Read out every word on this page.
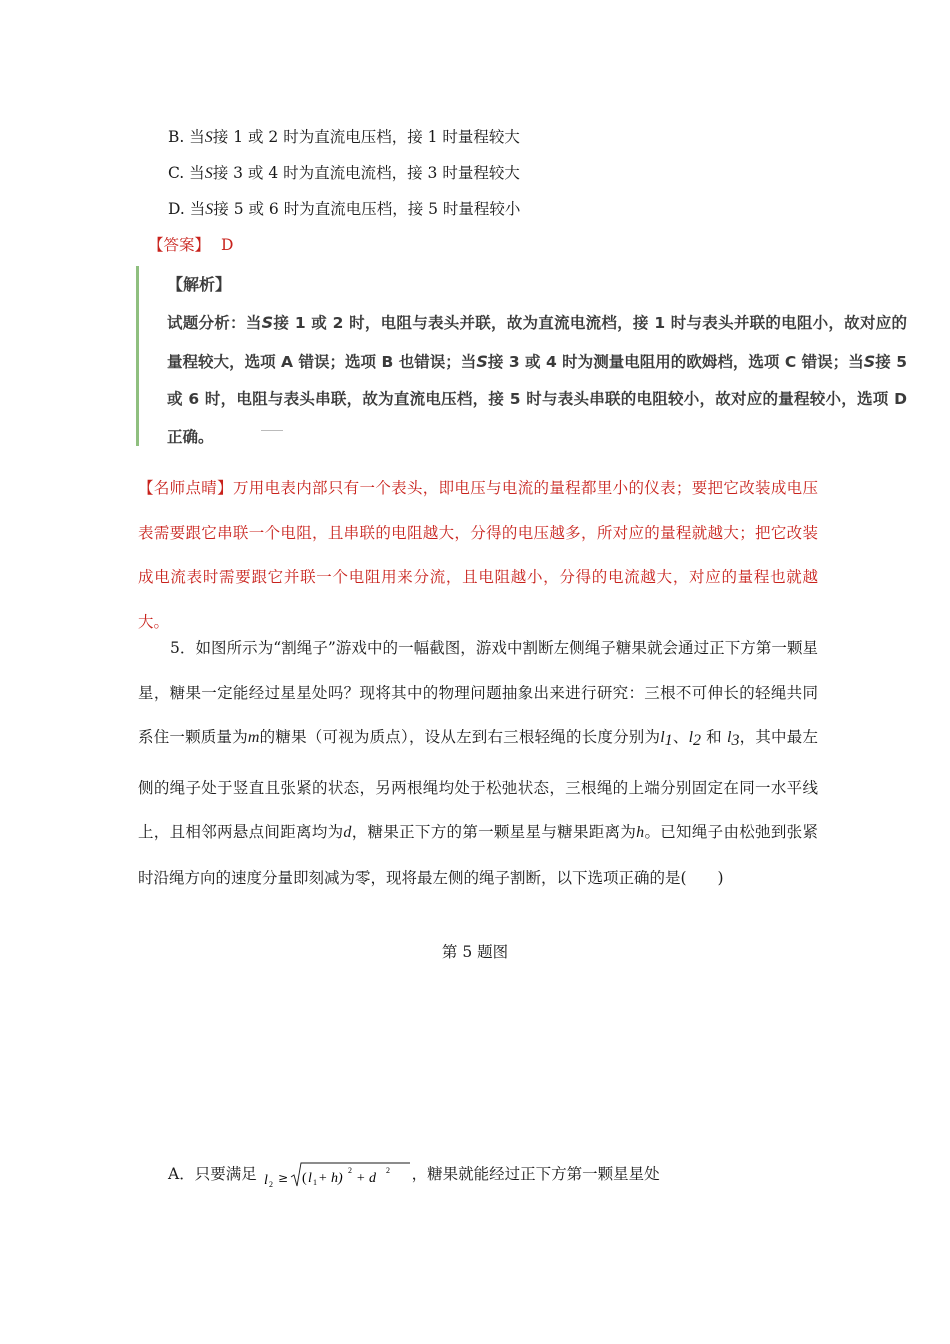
B. 当S接 1 或 2 时为直流电压档，接 1 时量程较大
C. 当S接 3 或 4 时为直流电流档，接 3 时量程较大
D. 当S接 5 或 6 时为直流电压档，接 5 时量程较小
【答案】 D
【解析】
试题分析：当S接 1 或 2 时，电阻与表头并联，故为直流电流档，接 1 时与表头并联的电阻小，故对应的量程较大，选项 A 错误；选项 B 也错误；当S接 3 或 4 时为测量电阻用的欧姆档，选项 C 错误；当S接 5 或 6 时，电阻与表头串联，故为直流电压档，接 5 时与表头串联的电阻较小，故对应的量程较小，选项 D 正确。
【名师点晴】万用电表内部只有一个表头，即电压与电流的量程都里小的仪表；要把它改装成电压表需要跟它串联一个电阻，且串联的电阻越大，分得的电压越多，所对应的量程就越大；把它改装成电流表时需要跟它并联一个电阻用来分流，且电阻越小，分得的电流越大，对应的量程也就越大。
5．如图所示为“割绳子”游戏中的一幅截图，游戏中割断左侧绳子糖果就会通过正下方第一颗星星，糖果一定能经过星星处吗？现将其中的物理问题抽象出来进行研究：三根不可伸长的轻绳共同系住一颗质量为m的糖果（可视为质点），设从左到右三根轻绳的长度分别为$l_1$、$l_2$ 和 $l_3$，其中最左侧的绳子处于竖直且张紧的状态，另两根绳均处于松弛状态，三根绳的上端分别固定在同一水平线上，且相邻两悬点间距离均为d，糖果正下方的第一颗星星与糖果距离为h。已知绳子由松弛到张紧时沿绳方向的速度分量即刻减为零，现将最左侧的绳子割断，以下选项正确的是(　　)
第 5 题图
A．只要满足 l 2 ≥ ( l 1 + h)
2
+ d
2 ，糖果就能经过正下方第一颗星星处
